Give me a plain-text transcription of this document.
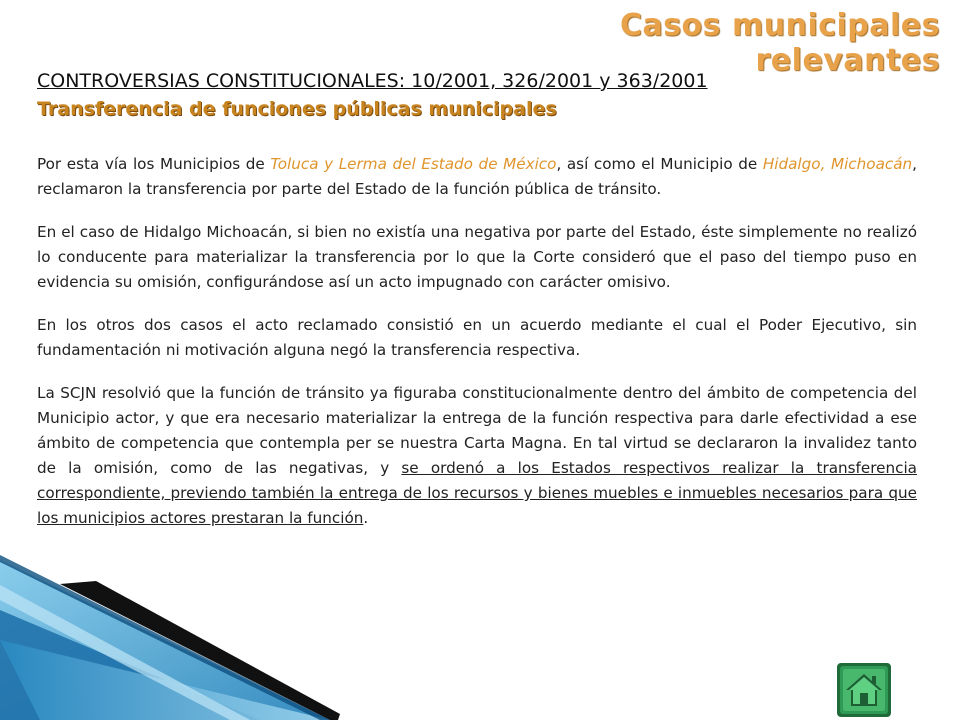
Casos municipales relevantes
CONTROVERSIAS CONSTITUCIONALES: 10/2001, 326/2001 y 363/2001
Transferencia de funciones públicas municipales

Por esta vía los Municipios de Toluca y Lerma del Estado de México, así como el Municipio de Hidalgo, Michoacán, reclamaron la transferencia por parte del Estado de la función pública de tránsito.

En el caso de Hidalgo Michoacán, si bien no existía una negativa por parte del Estado, éste simplemente no realizó lo conducente para materializar la transferencia por lo que la Corte consideró que el paso del tiempo puso en evidencia su omisión, configurándose así un acto impugnado con carácter omisivo.

En los otros dos casos el acto reclamado consistió en un acuerdo mediante el cual el Poder Ejecutivo, sin fundamentación ni motivación alguna negó la transferencia respectiva.

La SCJN resolvió que la función de tránsito ya figuraba constitucionalmente dentro del ámbito de competencia del Municipio actor, y que era necesario materializar la entrega de la función respectiva para darle efectividad a ese ámbito de competencia que contempla per se nuestra Carta Magna. En tal virtud se declararon la invalidez tanto de la omisión, como de las negativas, y se ordenó a los Estados respectivos realizar la transferencia correspondiente, previendo también la entrega de los recursos y bienes muebles e inmuebles necesarios para que los municipios actores prestaran la función.
